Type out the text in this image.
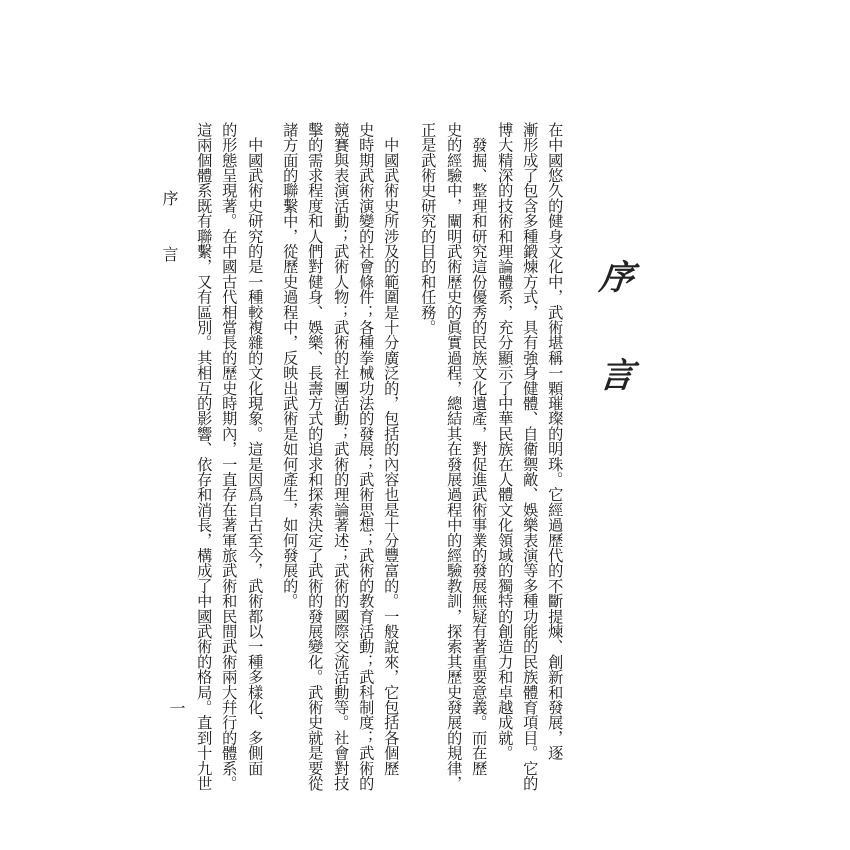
序
言
在中國悠久的健身文化中，武術堪稱一顆璀璨的明珠。它經過歷代的不斷提煉、創新和發展，逐
漸形成了包含多種鍛煉方式，具有強身健體、自衛禦敵、娛樂表演等多種功能的民族體育項目。它的
博大精深的技術和理論體系，充分顯示了中華民族在人體文化領域的獨特的創造力和卓越成就。
　發掘、整理和研究這份優秀的民族文化遺產，對促進武術事業的發展無疑有著重要意義。而在歷
史的經驗中，闡明武術歷史的眞實過程，總結其在發展過程中的經驗教訓，探索其歷史發展的規律，
正是武術史研究的目的和任務。
　中國武術史所涉及的範圍是十分廣泛的，包括的內容也是十分豐富的。一般說來，它包括各個歷
史時期武術演變的社會條件；各種拳械功法的發展；武術思想；武術的教育活動；武科制度；武術的
競賽與表演活動；武術人物；武術的社團活動；武術的理論著述；武術的國際交流活動等。社會對技
擊的需求程度和人們對健身、娛樂、長壽方式的追求和探索決定了武術的發展變化。武術史就是要從
諸方面的聯繫中，從歷史過程中，反映出武術是如何產生，如何發展的。
　中國武術史研究的是一種較複雜的文化現象。這是因爲自古至今，武術都以一種多樣化、多側面
的形態呈現著。在中國古代相當長的歷史時期內，一直存在著軍旅武術和民間武術兩大幷行的體系。
這兩個體系既有聯繫，又有區別。其相互的影響、依存和消長，構成了中國武術的格局。直到十九世
序言
一
